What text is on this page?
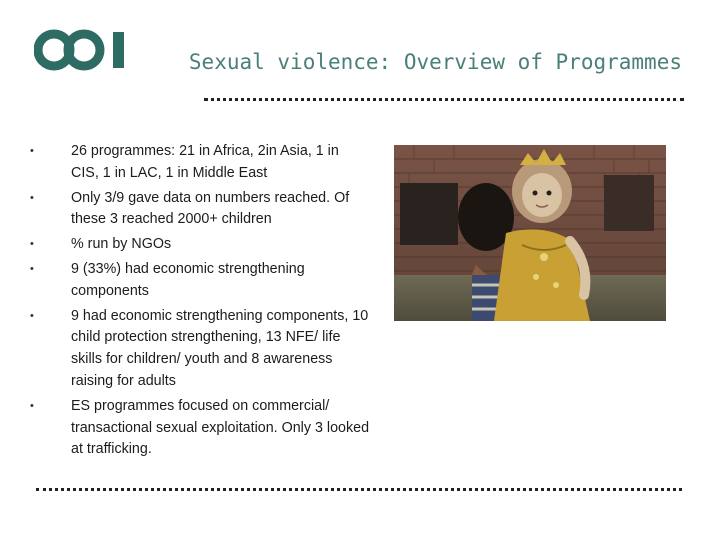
Sexual violence: Overview of Programmes
•	26 programmes: 21 in Africa, 2in Asia, 1 in CIS, 1 in LAC, 1 in Middle East
•	Only 3/9 gave data on numbers reached. Of these 3 reached 2000+ children
•	% run by NGOs
•	9 (33%) had economic strengthening components
•	9 had economic strengthening components, 10 child protection strengthening, 13 NFE/ life skills for children/ youth and 8 awareness raising for adults
•	ES programmes focused on commercial/ transactional sexual exploitation. Only 3 looked at trafficking.
